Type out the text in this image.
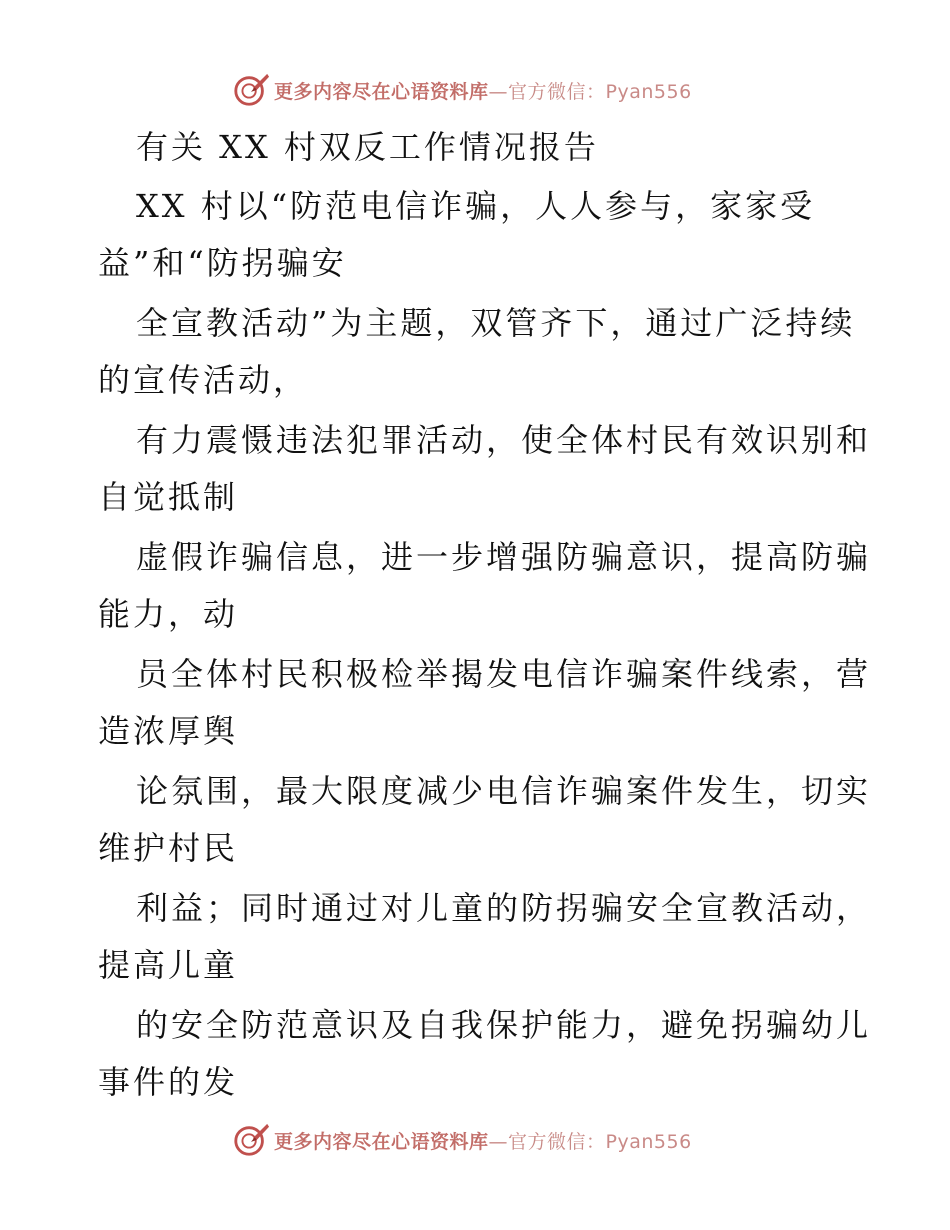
更多内容尽在心语资料库—官方微信：Pyan556
有关 XX 村双反工作情况报告
XX 村以“防范电信诈骗，人人参与，家家受
益”和“防拐骗安
全宣教活动”为主题，双管齐下，通过广泛持续
的宣传活动，
有力震慑违法犯罪活动，使全体村民有效识别和
自觉抵制
虚假诈骗信息，进一步增强防骗意识，提高防骗
能力，动
员全体村民积极检举揭发电信诈骗案件线索，营
造浓厚舆
论氛围，最大限度减少电信诈骗案件发生，切实
维护村民
利益；同时通过对儿童的防拐骗安全宣教活动，
提高儿童
的安全防范意识及自我保护能力，避免拐骗幼儿
事件的发
更多内容尽在心语资料库—官方微信：Pyan556
